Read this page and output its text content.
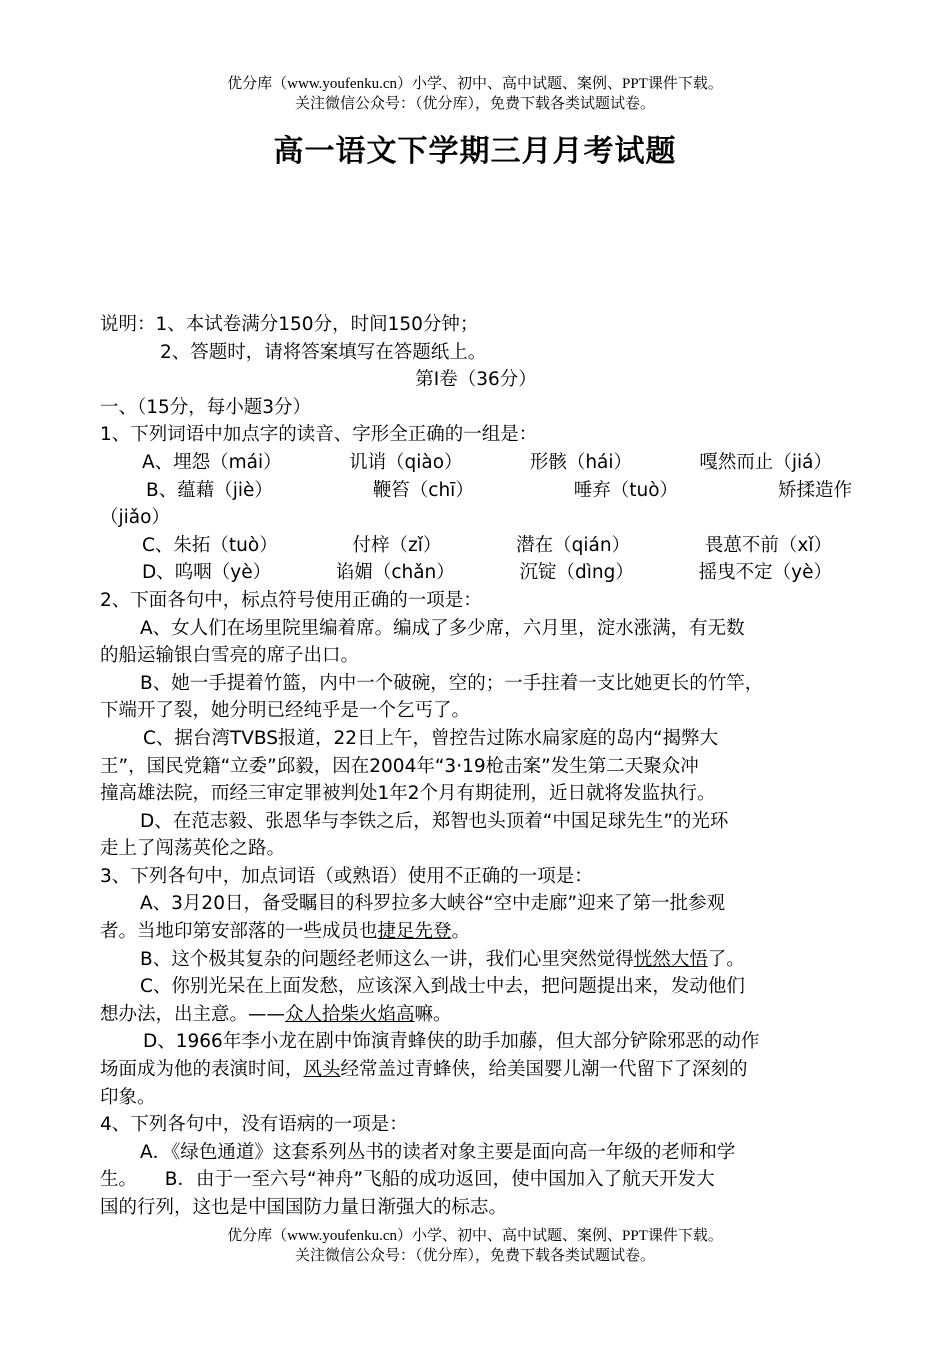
优分库（www.youfenku.cn）小学、初中、高中试题、案例、PPT课件下载。
关注微信公众号：（优分库），免费下载各类试题试卷。
高一语文下学期三月月考试题

说明：1、本试卷满分150分，时间150分钟；

2、答题时，请将答案填写在答题纸上。

第Ⅰ卷（36分）

一、（15分，每小题3分）

1、下列词语中加点字的读音、字形全正确的一组是：

A、埋怨（mái）	讥诮（qiào）	形骸（hái）	嘎然而止（jiá）
B、蕴藉（jiè）	鞭笞（chī）	唾弃（tuò）	矫揉造作

（jiǎo）

C、朱拓（tuò）	付梓（zǐ）	潜在（qián）	畏葸不前（xǐ）
D、呜咽（yè）	谄媚（chǎn）	沉锭（dìng）	摇曳不定（yè）

2、下面各句中，标点符号使用正确的一项是：

A、女人们在场里院里编着席。编成了多少席，六月里，淀水涨满，有无数

的船运输银白雪亮的席子出口。

B、她一手提着竹篮，内中一个破碗，空的；一手拄着一支比她更长的竹竿，

下端开了裂，她分明已经纯乎是一个乞丐了。

C、据台湾TVBS报道，22日上午，曾控告过陈水扁家庭的岛内“揭弊大

王”，国民党籍“立委”邱毅，因在2004年“3·19枪击案”发生第二天聚众冲

撞高雄法院，而经三审定罪被判处1年2个月有期徒刑，近日就将发监执行。

D、在范志毅、张恩华与李铁之后，郑智也头顶着“中国足球先生”的光环

走上了闯荡英伦之路。

3、下列各句中，加点词语（或熟语）使用不正确的一项是：

A、3月20日，备受瞩目的科罗拉多大峡谷“空中走廊”迎来了第一批参观

者。当地印第安部落的一些成员也捷足先登。

B、这个极其复杂的问题经老师这么一讲，我们心里突然觉得恍然大悟了。

C、你别光呆在上面发愁，应该深入到战士中去，把问题提出来，发动他们

想办法，出主意。——众人拾柴火焰高嘛。

D、1966年李小龙在剧中饰演青蜂侠的助手加藤，但大部分铲除邪恶的动作

场面成为他的表演时间，风头经常盖过青蜂侠，给美国婴儿潮一代留下了深刻的

印象。

4、下列各句中，没有语病的一项是：

A．《绿色通道》这套系列丛书的读者对象主要是面向高一年级的老师和学

生。　　B．由于一至六号“神舟”飞船的成功返回，使中国加入了航天开发大

国的行列，这也是中国国防力量日渐强大的标志。

优分库（www.youfenku.cn）小学、初中、高中试题、案例、PPT课件下载。
关注微信公众号：（优分库），免费下载各类试题试卷。
